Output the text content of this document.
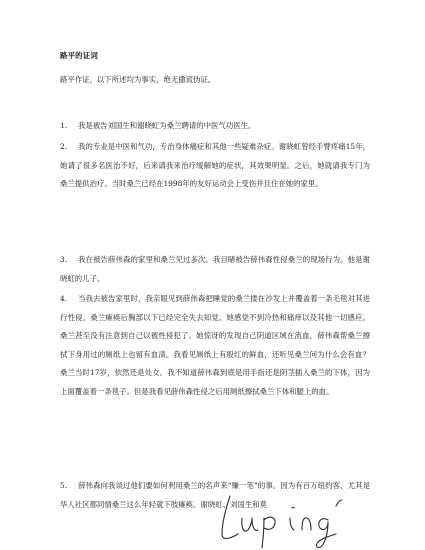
路平的证词
路平作证，以下所述均为事实，绝无撒谎伪证。

1. 我是被告刘国生和谢晓虹为桑兰聘请的中医气功医生。

2. 我的专业是中医和气功，专治身体痛症和其他一些疑难杂症。谢晓虹曾经手臂疼痛15年，她请了很多名医治不好，后来请我来治疗缓解她的症状，其效果明显。之后，她就请我专门为桑兰提供治疗。当时桑兰已经在1998年的友好运动会上受伤并且住在她的家里。

3. 我在被告薛伟森的家里和桑兰见过多次。我目睹被告薛伟森性侵桑兰的现场行为。他是谢晓虹的儿子。

4. 当我去被告家里时，我亲眼见到薛伟森把睡觉的桑兰搂在沙发上并覆盖着一条毛毯对其进行性侵。桑兰瘫痪后胸部以下已经完全失去知觉。她感觉不到冷热和痛痒以及其他一切感应。桑兰甚至没有注意到自己以被性侵犯了。她惊讶的发现自己阴道区域在流血，薛伟森帮桑兰擦拭下身用过的厕纸上也留有血渍。我看见厕纸上有殷红的鲜血，还听见桑兰问为什么会有血？桑兰当时17岁，依然还是处女。我不知道薛伟森到底是用手指还是阴茎插入桑兰的下体，因为上面覆盖着一条毯子。但是我看见薛伟森性侵之后用厕纸擦拭桑兰下体和腿上的血。

5. 薛伟森向我谈过他们要如何利用桑兰的名声来“赚一笔”的事。因为有百万纽约客，尤其是华人社区都同情桑兰这么年轻就下肢瘫痪。谢晓虹、刘国生和莫
